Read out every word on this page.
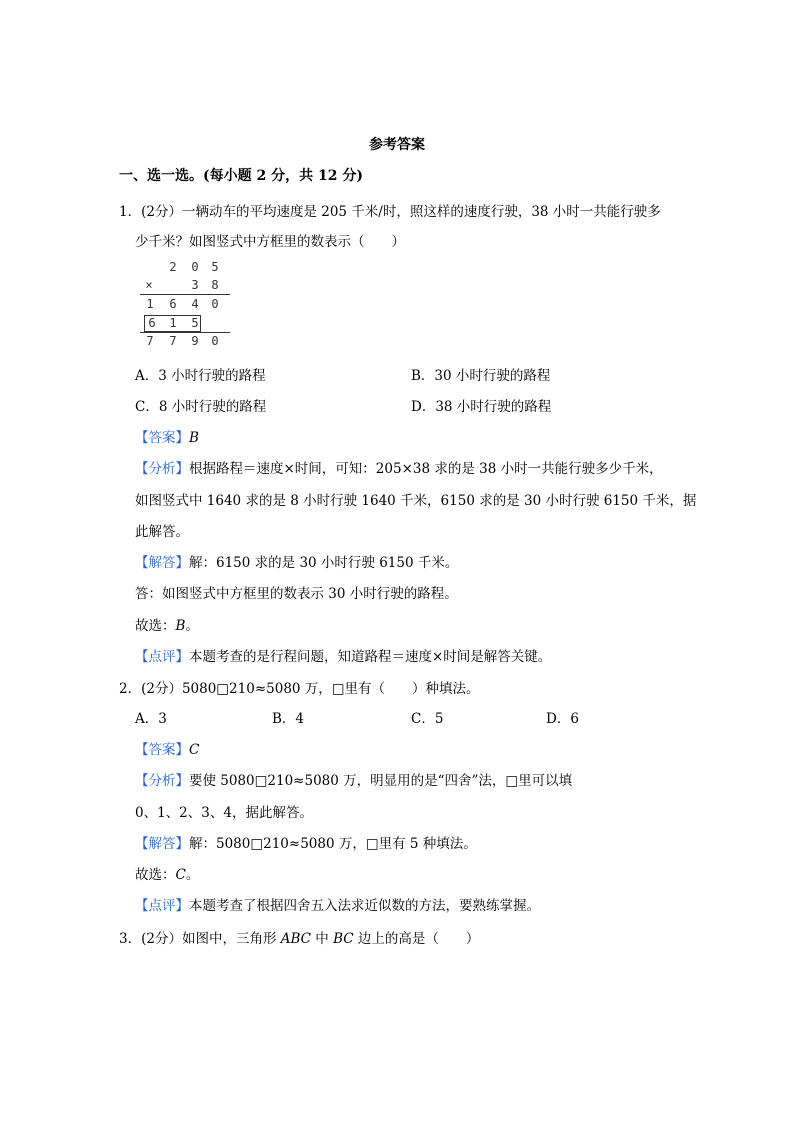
参考答案
一、选一选。(每小题 2 分，共 12 分)
1．(2分）一辆动车的平均速度是 205 千米/时，照这样的速度行驶，38 小时一共能行驶多
少千米？如图竖式中方框里的数表示（　　）
2 0 5
×	3 8
1 6 4 0
6 1 5
7 7 9 0
A．3 小时行驶的路程	B．30 小时行驶的路程
C．8 小时行驶的路程	D．38 小时行驶的路程
【答案】B
【分析】根据路程＝速度×时间，可知：205×38 求的是 38 小时一共能行驶多少千米，
如图竖式中 1640 求的是 8 小时行驶 1640 千米，6150 求的是 30 小时行驶 6150 千米，据
此解答。
【解答】解：6150 求的是 30 小时行驶 6150 千米。
答：如图竖式中方框里的数表示 30 小时行驶的路程。
故选：B。
【点评】本题考查的是行程问题，知道路程＝速度×时间是解答关键。
2．(2分）5080□210≈5080 万，□里有（　　）种填法。
A．3	B．4	C．5	D．6
【答案】C
【分析】要使 5080□210≈5080 万，明显用的是“四舍”法，□里可以填
0、1、2、3、4，据此解答。
【解答】解：5080□210≈5080 万，□里有 5 种填法。
故选：C。
【点评】本题考查了根据四舍五入法求近似数的方法，要熟练掌握。
3．(2分）如图中，三角形 ABC 中 BC 边上的高是（　　）
